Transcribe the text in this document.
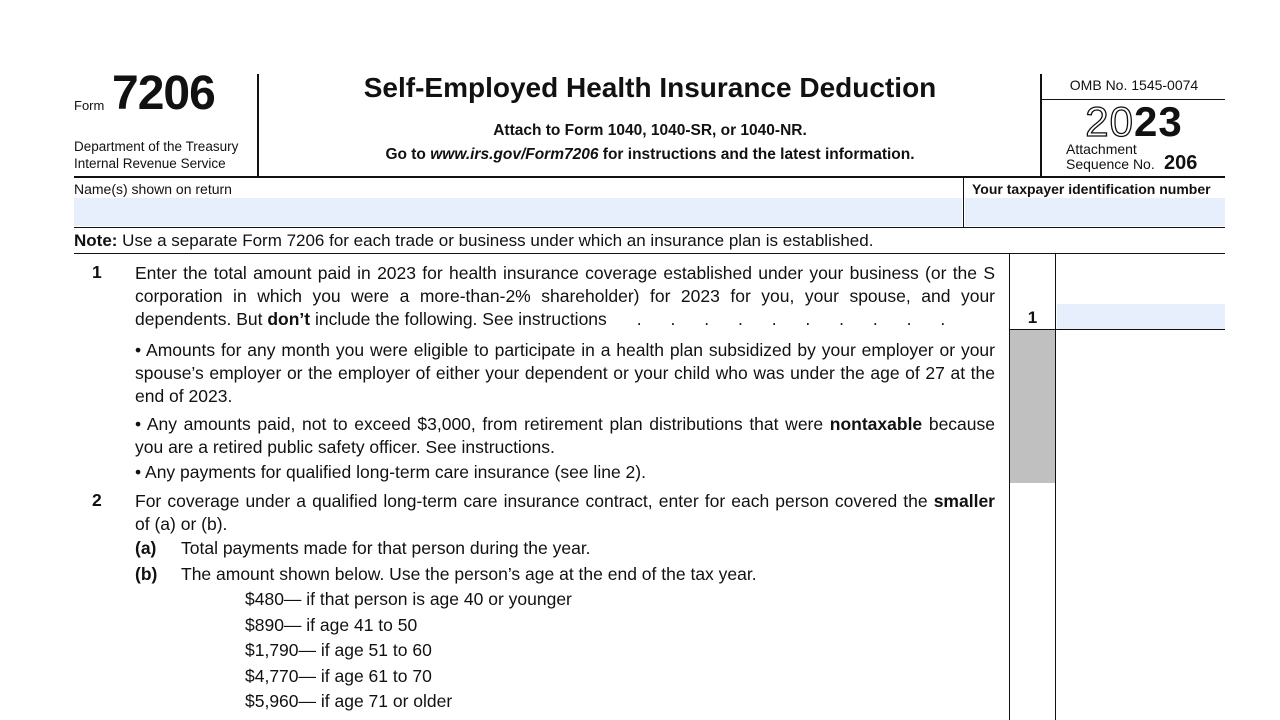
Form 7206
Department of the Treasury
Internal Revenue Service
Self-Employed Health Insurance Deduction
Attach to Form 1040, 1040-SR, or 1040-NR.
Go to www.irs.gov/Form7206 for instructions and the latest information.
OMB No. 1545-0074
2023
Attachment
Sequence No. 206
Name(s) shown on return	Your taxpayer identification number
Note: Use a separate Form 7206 for each trade or business under which an insurance plan is established.
1
1 Enter the total amount paid in 2023 for health insurance coverage established under your business (or the S corporation in which you were a more-than-2% shareholder) for 2023 for you, your spouse, and your dependents. But don’t include the following. See instructions . . . . . . . . . .
• Amounts for any month you were eligible to participate in a health plan subsidized by your employer or your spouse’s employer or the employer of either your dependent or your child who was under the age of 27 at the end of 2023.
• Any amounts paid, not to exceed $3,000, from retirement plan distributions that were nontaxable because you are a retired public safety officer. See instructions.
• Any payments for qualified long-term care insurance (see line 2).
2 For coverage under a qualified long-term care insurance contract, enter for each person covered the smaller of (a) or (b).
(a) Total payments made for that person during the year.
(b) The amount shown below. Use the person’s age at the end of the tax year.
$480— if that person is age 40 or younger
$890— if age 41 to 50
$1,790— if age 51 to 60
$4,770— if age 61 to 70
$5,960— if age 71 or older
